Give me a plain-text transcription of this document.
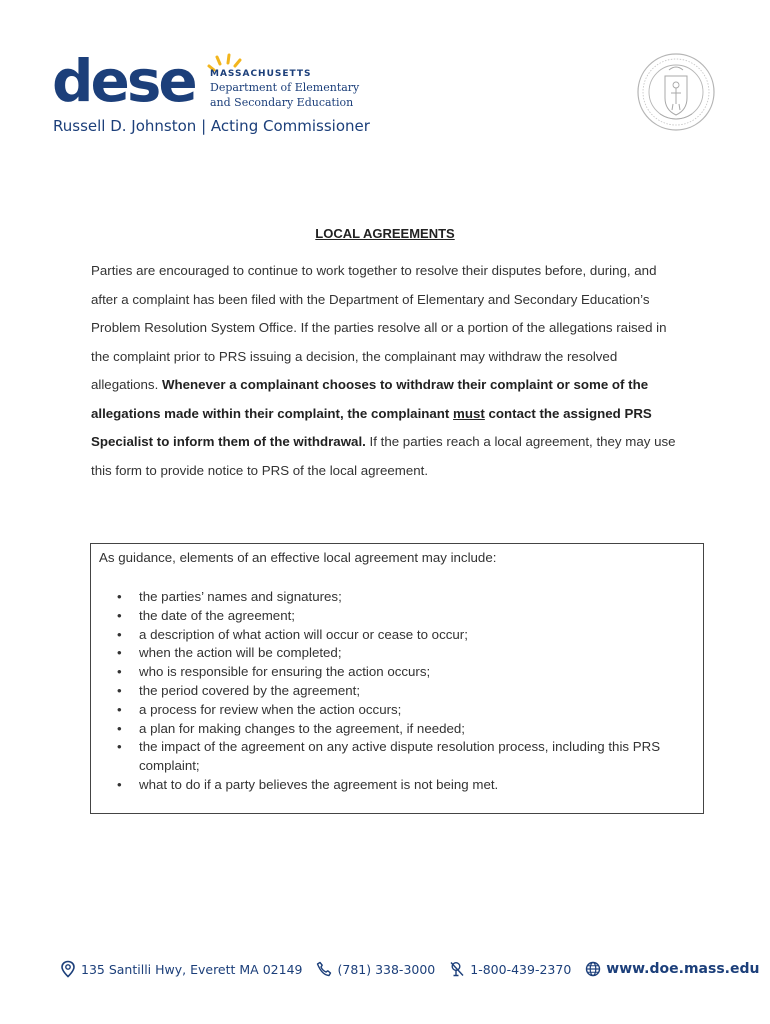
dese MASSACHUSETTS
Department of Elementary
and Secondary Education

Russell D. Johnston | Acting Commissioner

LOCAL AGREEMENTS

Parties are encouraged to continue to work together to resolve their disputes before, during, and after a complaint has been filed with the Department of Elementary and Secondary Education’s Problem Resolution System Office. If the parties resolve all or a portion of the allegations raised in the complaint prior to PRS issuing a decision, the complainant may withdraw the resolved allegations. Whenever a complainant chooses to withdraw their complaint or some of the allegations made within their complaint, the complainant must contact the assigned PRS Specialist to inform them of the withdrawal. If the parties reach a local agreement, they may use this form to provide notice to PRS of the local agreement.

As guidance, elements of an effective local agreement may include:

• the parties’ names and signatures;
• the date of the agreement;
• a description of what action will occur or cease to occur;
• when the action will be completed;
• who is responsible for ensuring the action occurs;
• the period covered by the agreement;
• a process for review when the action occurs;
• a plan for making changes to the agreement, if needed;
• the impact of the agreement on any active dispute resolution process, including this PRS complaint;
• what to do if a party believes the agreement is not being met.
135 Santilli Hwy, Everett MA 02149	(781) 338-3000	1-800-439-2370	www.doe.mass.edu
